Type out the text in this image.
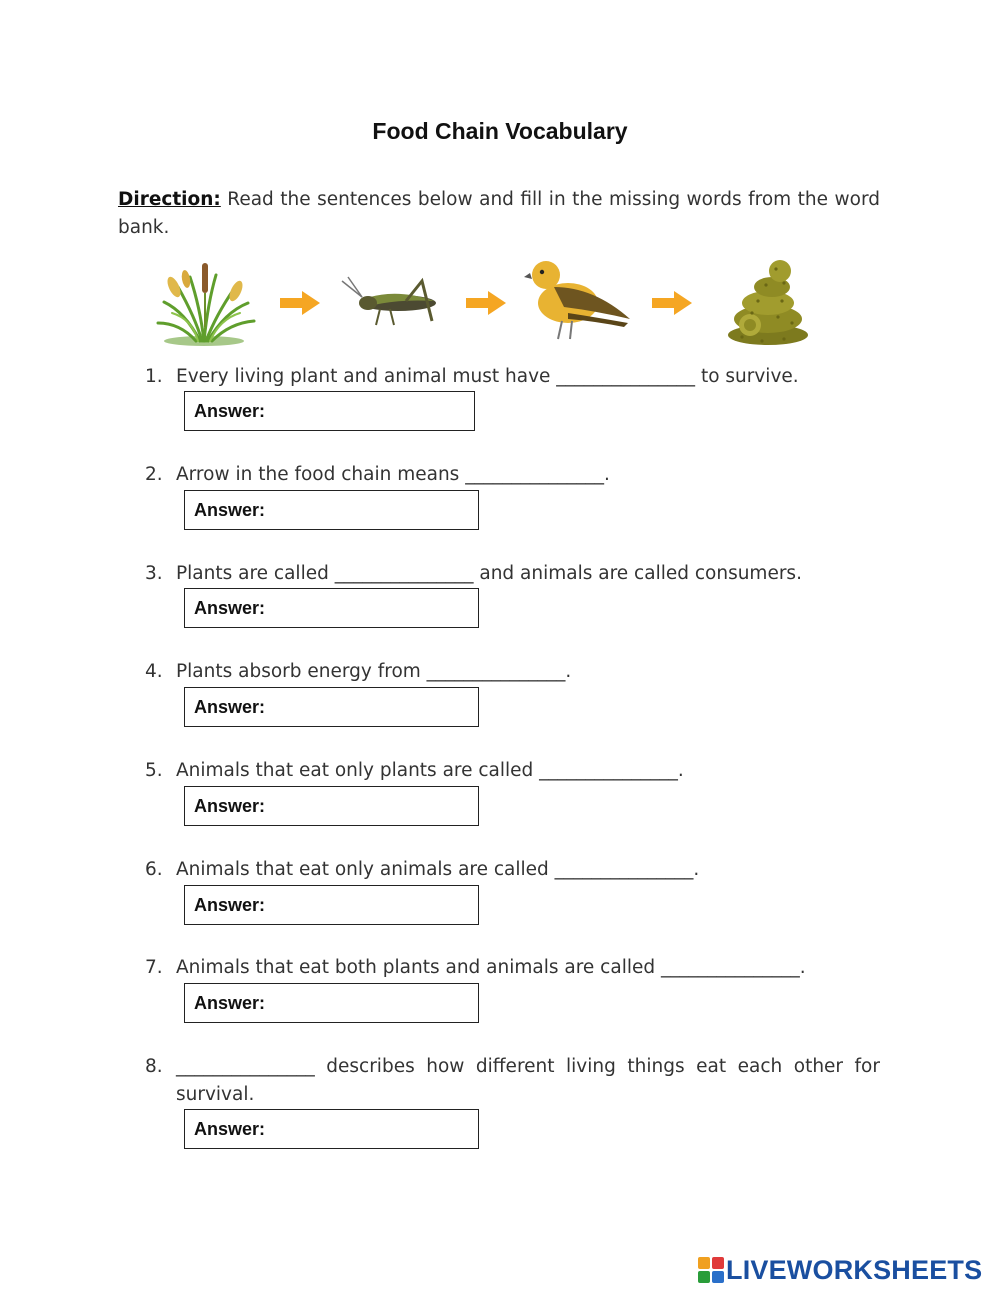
Food Chain Vocabulary
Direction: Read the sentences below and fill in the missing words from the word bank.
1. Every living plant and animal must have _______________ to survive.
Answer:
2. Arrow in the food chain means _______________.
Answer:
3. Plants are called _______________ and animals are called consumers.
Answer:
4. Plants absorb energy from _______________.
Answer:
5. Animals that eat only plants are called _______________.
Answer:
6. Animals that eat only animals are called _______________.
Answer:
7. Animals that eat both plants and animals are called _______________.
Answer:
8. _______________ describes how different living things eat each other for survival.
Answer:
LIVEWORKSHEETS
